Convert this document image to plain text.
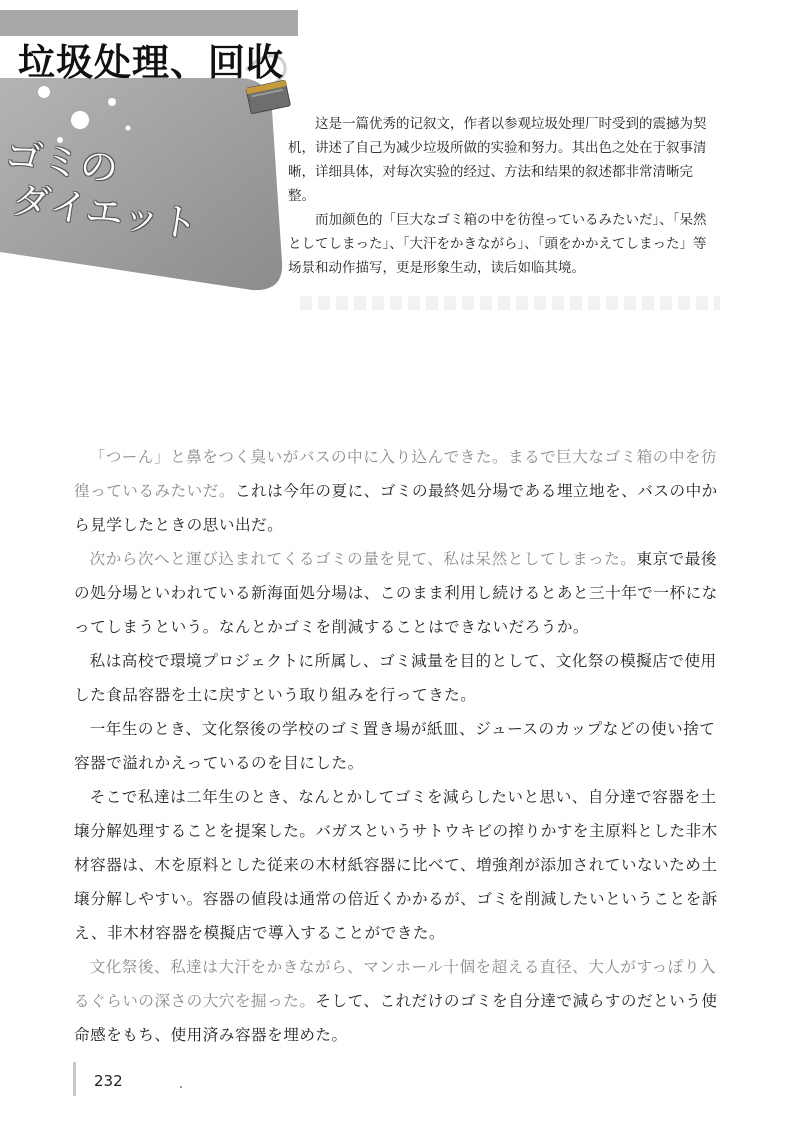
垃圾处理、回收
ゴミの
ダイエット

这是一篇优秀的记叙文，作者以参观垃圾处理厂时受到的震撼为契机，讲述了自己为减少垃圾所做的实验和努力。其出色之处在于叙事清晰，详细具体，对每次实验的经过、方法和结果的叙述都非常清晰完整。

而加颜色的「巨大なゴミ箱の中を彷徨っているみたいだ」、「呆然としてしまった」、「大汗をかきながら」、「頭をかかえてしまった」等场景和动作描写，更是形象生动，读后如临其境。

「つーん」と鼻をつく臭いがバスの中に入り込んできた。まるで巨大なゴミ箱の中を彷徨っているみたいだ。これは今年の夏に、ゴミの最終処分場である埋立地を、バスの中から見学したときの思い出だ。

次から次へと運び込まれてくるゴミの量を見て、私は呆然としてしまった。東京で最後の処分場といわれている新海面処分場は、このまま利用し続けるとあと三十年で一杯になってしまうという。なんとかゴミを削減することはできないだろうか。

私は高校で環境プロジェクトに所属し、ゴミ減量を目的として、文化祭の模擬店で使用した食品容器を土に戻すという取り組みを行ってきた。

一年生のとき、文化祭後の学校のゴミ置き場が紙皿、ジュースのカップなどの使い捨て容器で溢れかえっているのを目にした。

そこで私達は二年生のとき、なんとかしてゴミを減らしたいと思い、自分達で容器を土壌分解処理することを提案した。バガスというサトウキビの搾りかすを主原料とした非木材容器は、木を原料とした従来の木材紙容器に比べて、増強剤が添加されていないため土壌分解しやすい。容器の値段は通常の倍近くかかるが、ゴミを削減したいということを訴え、非木材容器を模擬店で導入することができた。

文化祭後、私達は大汗をかきながら、マンホール十個を超える直径、大人がすっぽり入るぐらいの深さの大穴を掘った。そして、これだけのゴミを自分達で減らすのだという使命感をもち、使用済み容器を埋めた。

232
